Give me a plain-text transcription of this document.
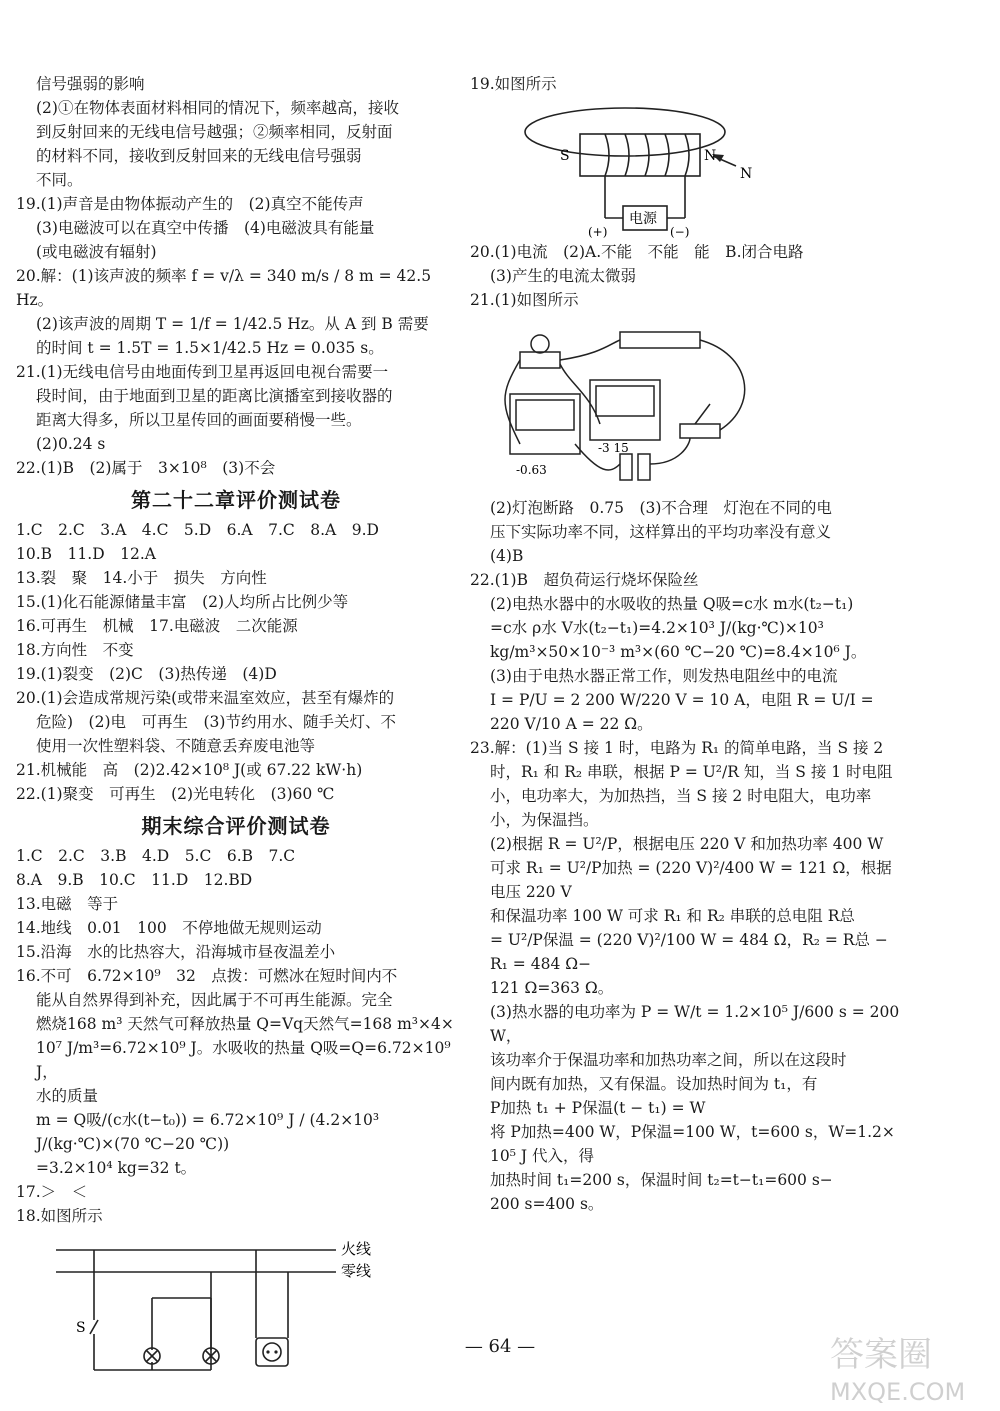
信号强弱的影响

(2)①在物体表面材料相同的情况下，频率越高，接收

到反射回来的无线电信号越强；②频率相同，反射面

的材料不同，接收到反射回来的无线电信号强弱

不同。

19.(1)声音是由物体振动产生的　(2)真空不能传声

(3)电磁波可以在真空中传播　(4)电磁波具有能量

(或电磁波有辐射)

20.解：(1)该声波的频率 f = v/λ = 340 m/s / 8 m = 42.5 Hz。

(2)该声波的周期 T = 1/f = 1/42.5 Hz。从 A 到 B 需要

的时间 t = 1.5T = 1.5×1/42.5 Hz = 0.035 s。

21.(1)无线电信号由地面传到卫星再返回电视台需要一

段时间，由于地面到卫星的距离比演播室到接收器的

距离大得多，所以卫星传回的画面要稍慢一些。

(2)0.24 s

22.(1)B　(2)属于　3×10⁸　(3)不会

第二十二章评价测试卷

1.C　2.C　3.A　4.C　5.D　6.A　7.C　8.A　9.D

10.B　11.D　12.A

13.裂　聚　14.小于　损失　方向性

15.(1)化石能源储量丰富　(2)人均所占比例少等

16.可再生　机械　17.电磁波　二次能源

18.方向性　不变

19.(1)裂变　(2)C　(3)热传递　(4)D

20.(1)会造成常规污染(或带来温室效应，甚至有爆炸的

危险)　(2)电　可再生　(3)节约用水、随手关灯、不

使用一次性塑料袋、不随意丢弃废电池等

21.机械能　高　(2)2.42×10⁸ J(或 67.22 kW·h)

22.(1)聚变　可再生　(2)光电转化　(3)60 ℃

期末综合评价测试卷

1.C　2.C　3.B　4.D　5.C　6.B　7.C

8.A　9.B　10.C　11.D　12.BD

13.电磁　等于

14.地线　0.01　100　不停地做无规则运动

15.沿海　水的比热容大，沿海城市昼夜温差小

16.不可　6.72×10⁹　32　点拨：可燃冰在短时间内不

能从自然界得到补充，因此属于不可再生能源。完全

燃烧168 m³ 天然气可释放热量 Q=Vq天然气=168 m³×4×

10⁷ J/m³=6.72×10⁹ J。水吸收的热量 Q吸=Q=6.72×10⁹ J，

水的质量

m = Q吸/(c水(t−t₀)) = 6.72×10⁹ J / (4.2×10³ J/(kg·℃)×(70 ℃−20 ℃))

=3.2×10⁴ kg=32 t。

17.＞　＜

18.如图所示

火线
零线
S

19.如图所示

S	N
N
电源
(+)	(−)

20.(1)电流　(2)A.不能　不能　能　B.闭合电路

(3)产生的电流太微弱

21.(1)如图所示

-0.63
-3 15

(2)灯泡断路　0.75　(3)不合理　灯泡在不同的电

压下实际功率不同，这样算出的平均功率没有意义

(4)B

22.(1)B　超负荷运行烧坏保险丝

(2)电热水器中的水吸收的热量 Q吸=c水 m水(t₂−t₁)

=c水 ρ水 V水(t₂−t₁)=4.2×10³ J/(kg·℃)×10³

kg/m³×50×10⁻³ m³×(60 ℃−20 ℃)=8.4×10⁶ J。

(3)由于电热水器正常工作，则发热电阻丝中的电流

I = P/U = 2 200 W/220 V = 10 A，电阻 R = U/I = 220 V/10 A = 22 Ω。

23.解：(1)当 S 接 1 时，电路为 R₁ 的简单电路，当 S 接 2

时，R₁ 和 R₂ 串联，根据 P = U²/R 知，当 S 接 1 时电阻

小，电功率大，为加热挡，当 S 接 2 时电阻大，电功率

小，为保温挡。

(2)根据 R = U²/P，根据电压 220 V 和加热功率 400 W

可求 R₁ = U²/P加热 = (220 V)²/400 W = 121 Ω，根据电压 220 V

和保温功率 100 W 可求 R₁ 和 R₂ 串联的总电阻 R总

= U²/P保温 = (220 V)²/100 W = 484 Ω，R₂ = R总 − R₁ = 484 Ω−

121 Ω=363 Ω。

(3)热水器的电功率为 P = W/t = 1.2×10⁵ J/600 s = 200 W，

该功率介于保温功率和加热功率之间，所以在这段时

间内既有加热，又有保温。设加热时间为 t₁，有

P加热 t₁ + P保温(t − t₁) = W

将 P加热=400 W，P保温=100 W，t=600 s，W=1.2×

10⁵ J 代入，得

加热时间 t₁=200 s，保温时间 t₂=t−t₁=600 s−

200 s=400 s。

— 64 —	答案圈
MXQE.COM
